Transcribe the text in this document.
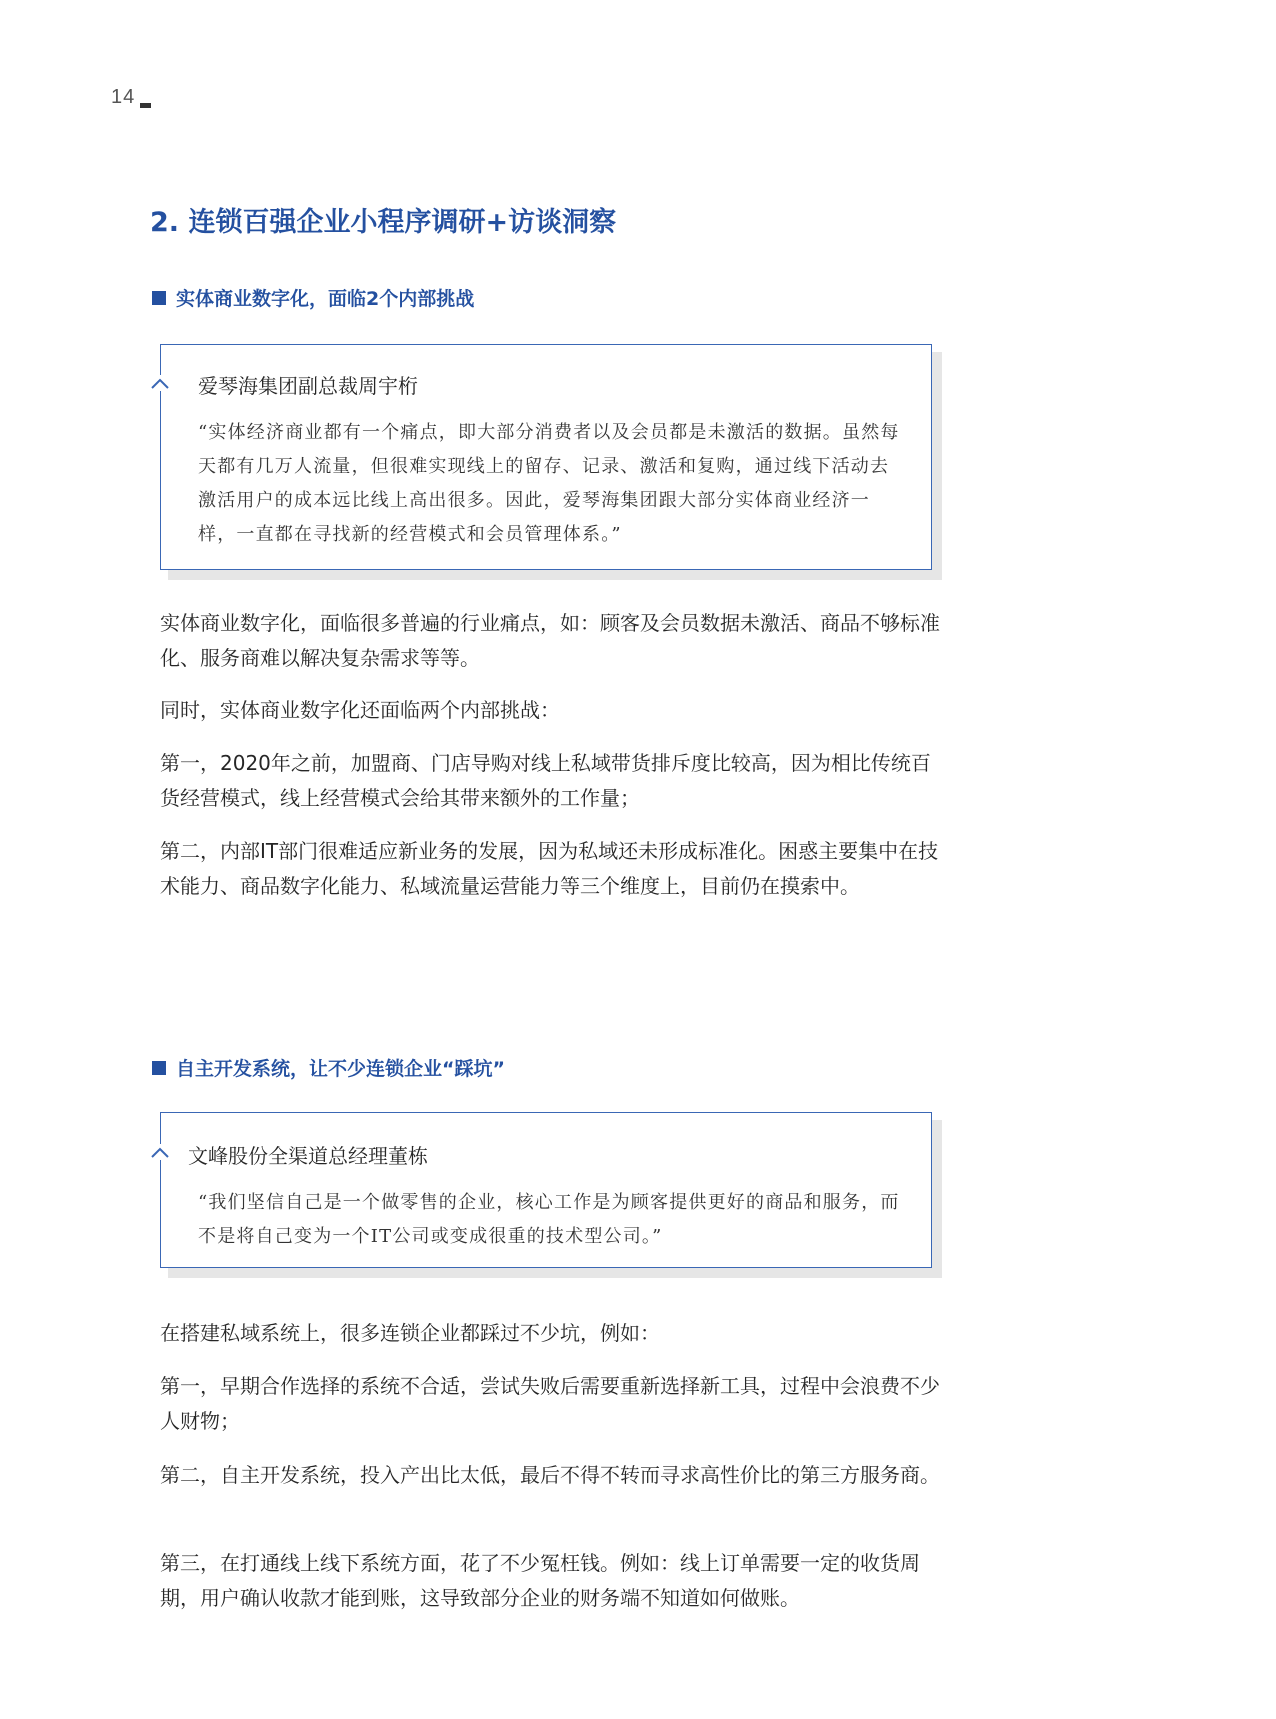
14
2. 连锁百强企业小程序调研+访谈洞察
实体商业数字化，面临2个内部挑战
爱琴海集团副总裁周宇桁
“实体经济商业都有一个痛点，即大部分消费者以及会员都是未激活的数据。虽然每天都有几万人流量，但很难实现线上的留存、记录、激活和复购，通过线下活动去激活用户的成本远比线上高出很多。因此，爱琴海集团跟大部分实体商业经济一样，一直都在寻找新的经营模式和会员管理体系。”

实体商业数字化，面临很多普遍的行业痛点，如：顾客及会员数据未激活、商品不够标准化、服务商难以解决复杂需求等等。

同时，实体商业数字化还面临两个内部挑战：

第一，2020年之前，加盟商、门店导购对线上私域带货排斥度比较高，因为相比传统百货经营模式，线上经营模式会给其带来额外的工作量；

第二，内部IT部门很难适应新业务的发展，因为私域还未形成标准化。困惑主要集中在技术能力、商品数字化能力、私域流量运营能力等三个维度上，目前仍在摸索中。

自主开发系统，让不少连锁企业“踩坑”
文峰股份全渠道总经理董栋
“我们坚信自己是一个做零售的企业，核心工作是为顾客提供更好的商品和服务，而不是将自己变为一个IT公司或变成很重的技术型公司。”

在搭建私域系统上，很多连锁企业都踩过不少坑，例如：

第一，早期合作选择的系统不合适，尝试失败后需要重新选择新工具，过程中会浪费不少人财物；

第二，自主开发系统，投入产出比太低，最后不得不转而寻求高性价比的第三方服务商。

第三，在打通线上线下系统方面，花了不少冤枉钱。例如：线上订单需要一定的收货周期，用户确认收款才能到账，这导致部分企业的财务端不知道如何做账。
